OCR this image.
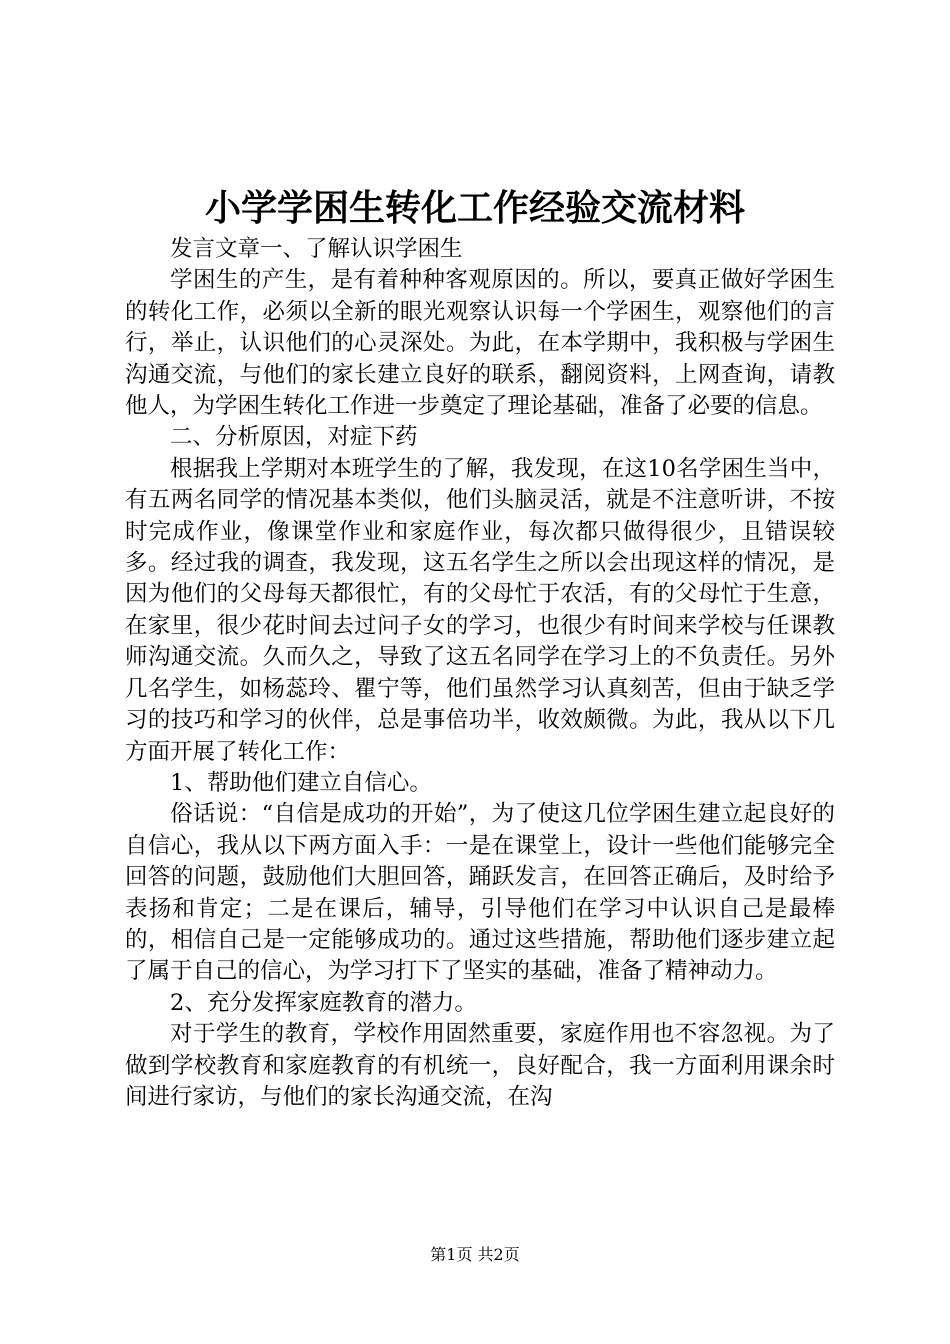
小学学困生转化工作经验交流材料

发言文章一、了解认识学困生

学困生的产生，是有着种种客观原因的。所以，要真正做好学困生的转化工作，必须以全新的眼光观察认识每一个学困生，观察他们的言行，举止，认识他们的心灵深处。为此，在本学期中，我积极与学困生沟通交流，与他们的家长建立良好的联系，翻阅资料，上网查询，请教他人，为学困生转化工作进一步奠定了理论基础，准备了必要的信息。

二、分析原因，对症下药

根据我上学期对本班学生的了解，我发现，在这10名学困生当中，有五两名同学的情况基本类似，他们头脑灵活，就是不注意听讲，不按时完成作业，像课堂作业和家庭作业，每次都只做得很少，且错误较多。经过我的调查，我发现，这五名学生之所以会出现这样的情况，是因为他们的父母每天都很忙，有的父母忙于农活，有的父母忙于生意，在家里，很少花时间去过问子女的学习，也很少有时间来学校与任课教师沟通交流。久而久之，导致了这五名同学在学习上的不负责任。另外几名学生，如杨蕊玲、瞿宁等，他们虽然学习认真刻苦，但由于缺乏学习的技巧和学习的伙伴，总是事倍功半，收效颇微。为此，我从以下几方面开展了转化工作：

1、帮助他们建立自信心。

俗话说：“自信是成功的开始”，为了使这几位学困生建立起良好的自信心，我从以下两方面入手：一是在课堂上，设计一些他们能够完全回答的问题，鼓励他们大胆回答，踊跃发言，在回答正确后，及时给予表扬和肯定；二是在课后，辅导，引导他们在学习中认识自己是最棒的，相信自己是一定能够成功的。通过这些措施，帮助他们逐步建立起了属于自己的信心，为学习打下了坚实的基础，准备了精神动力。

2、充分发挥家庭教育的潜力。

对于学生的教育，学校作用固然重要，家庭作用也不容忽视。为了做到学校教育和家庭教育的有机统一，良好配合，我一方面利用课余时间进行家访，与他们的家长沟通交流，在沟

第1页 共2页
